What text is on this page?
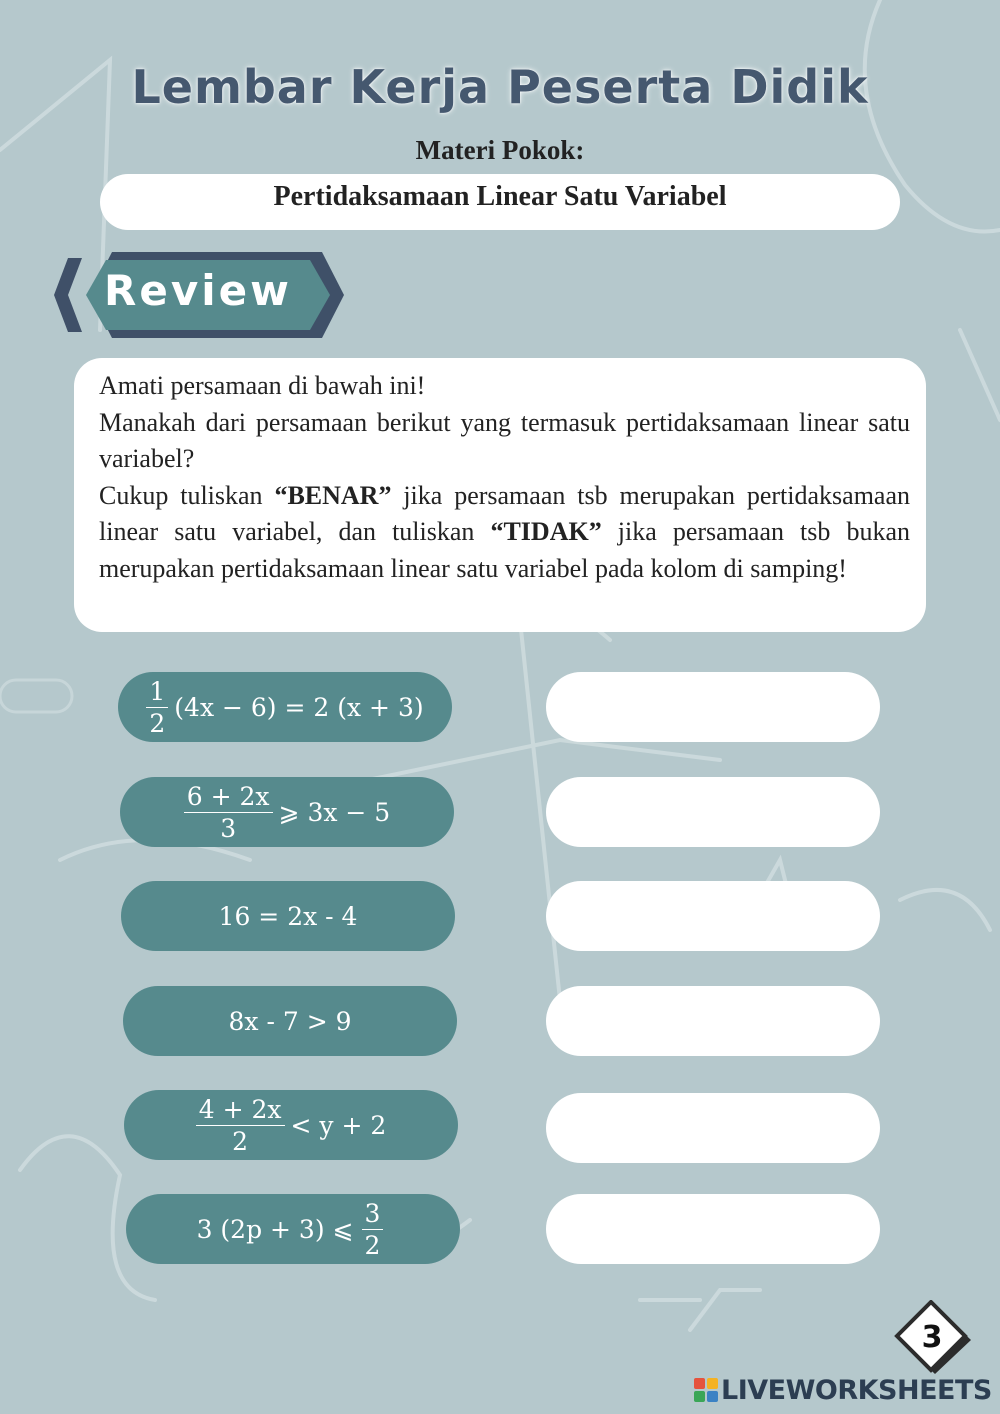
Lembar Kerja Peserta Didik
Materi Pokok:
Pertidaksamaan Linear Satu Variabel
Review

Amati persamaan di bawah ini!

Manakah dari persamaan berikut yang termasuk pertidaksamaan linear satu variabel?

Cukup tuliskan “BENAR” jika persamaan tsb merupakan pertidaksamaan linear satu variabel, dan tuliskan “TIDAK” jika persamaan tsb bukan merupakan pertidaksamaan linear satu variabel pada kolom di samping!

$\frac{1}{2} (4x - 6) = 2$ (x + 3)
$\frac{6 + 2x}{3}$ ⩾ 3x − 5
16 = 2x - 4
8x - 7 > 9
$\frac{4 + 2x}{2} < y + 2$
3 (2p + 3) ⩽ $\frac{3}{2}$
3
LIVEWORKSHEETS
